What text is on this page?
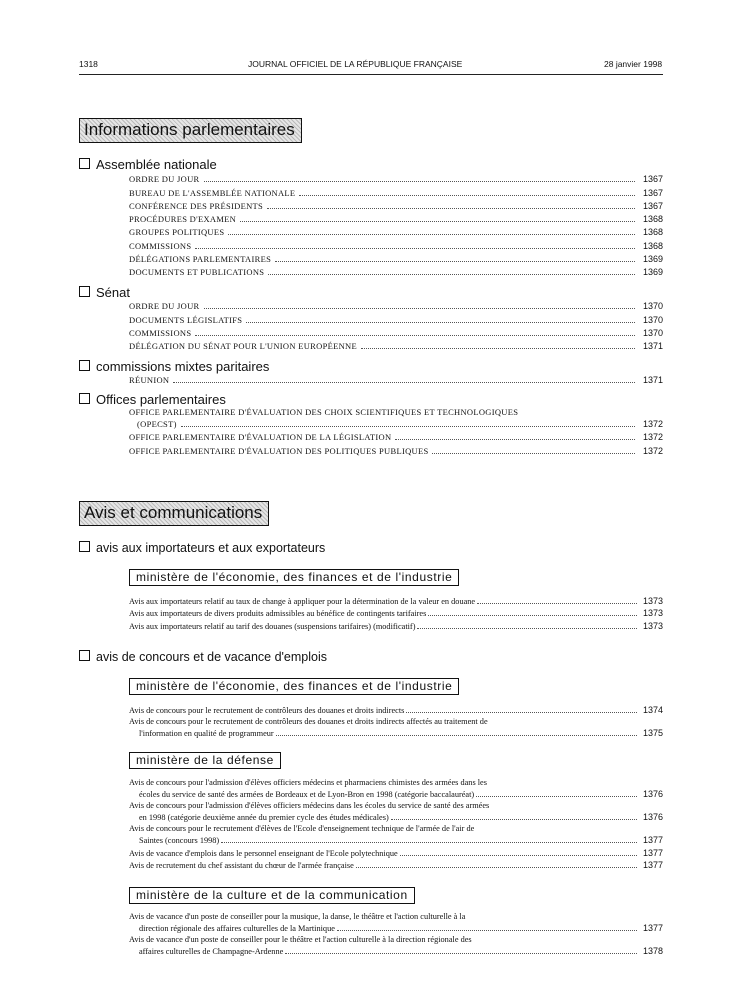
1318	JOURNAL OFFICIEL DE LA RÉPUBLIQUE FRANÇAISE	28 janvier 1998
Informations parlementaires
Assemblée nationale
ORDRE DU JOUR	1367
BUREAU DE L'ASSEMBLÉE NATIONALE	1367
CONFÉRENCE DES PRÉSIDENTS	1367
PROCÉDURES D'EXAMEN	1368
GROUPES POLITIQUES	1368
COMMISSIONS	1368
DÉLÉGATIONS PARLEMENTAIRES	1369
DOCUMENTS ET PUBLICATIONS	1369
Sénat
ORDRE DU JOUR	1370
DOCUMENTS LÉGISLATIFS	1370
COMMISSIONS	1370
DÉLÉGATION DU SÉNAT POUR L'UNION EUROPÉENNE	1371
commissions mixtes paritaires
RÉUNION	1371
Offices parlementaires
OFFICE PARLEMENTAIRE D'ÉVALUATION DES CHOIX SCIENTIFIQUES ET TECHNOLOGIQUES
(OPECST)	1372
OFFICE PARLEMENTAIRE D'ÉVALUATION DE LA LÉGISLATION	1372
OFFICE PARLEMENTAIRE D'ÉVALUATION DES POLITIQUES PUBLIQUES	1372
Avis et communications
avis aux importateurs et aux exportateurs
ministère de l'économie, des finances et de l'industrie
Avis aux importateurs relatif au taux de change à appliquer pour la détermination de la valeur en douane	1373
Avis aux importateurs de divers produits admissibles au bénéfice de contingents tarifaires	1373
Avis aux importateurs relatif au tarif des douanes (suspensions tarifaires) (modificatif)	1373
avis de concours et de vacance d'emplois
ministère de l'économie, des finances et de l'industrie
Avis de concours pour le recrutement de contrôleurs des douanes et droits indirects	1374
Avis de concours pour le recrutement de contrôleurs des douanes et droits indirects affectés au traitement de
l'information en qualité de programmeur	1375
ministère de la défense
Avis de concours pour l'admission d'élèves officiers médecins et pharmaciens chimistes des armées dans les
écoles du service de santé des armées de Bordeaux et de Lyon-Bron en 1998 (catégorie baccalauréat)	1376
Avis de concours pour l'admission d'élèves officiers médecins dans les écoles du service de santé des armées
en 1998 (catégorie deuxième année du premier cycle des études médicales)	1376
Avis de concours pour le recrutement d'élèves de l'Ecole d'enseignement technique de l'armée de l'air de
Saintes (concours 1998)	1377
Avis de vacance d'emplois dans le personnel enseignant de l'Ecole polytechnique	1377
Avis de recrutement du chef assistant du chœur de l'armée française	1377
ministère de la culture et de la communication
Avis de vacance d'un poste de conseiller pour la musique, la danse, le théâtre et l'action culturelle à la
direction régionale des affaires culturelles de la Martinique	1377
Avis de vacance d'un poste de conseiller pour le théâtre et l'action culturelle à la direction régionale des
affaires culturelles de Champagne-Ardenne	1378
